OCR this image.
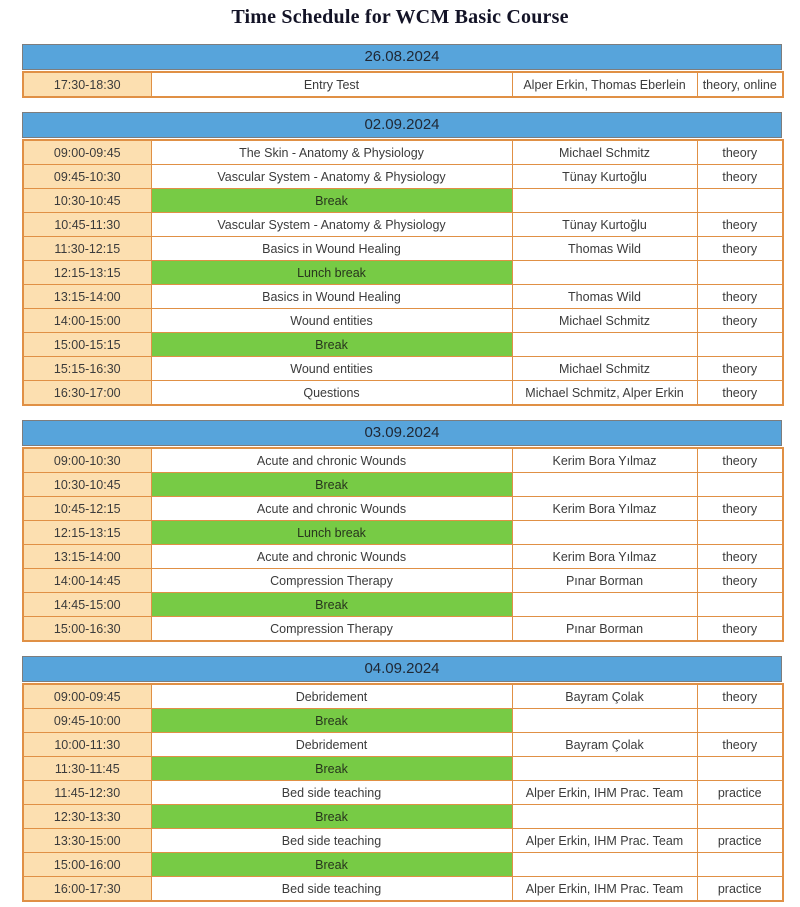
Time Schedule for WCM Basic Course
26.08.2024
17:30-18:30	Entry Test	Alper Erkin, Thomas Eberlein	theory, online
02.09.2024
09:00-09:45	The Skin - Anatomy & Physiology	Michael Schmitz	theory
09:45-10:30	Vascular System - Anatomy & Physiology	Tünay Kurtoğlu	theory
10:30-10:45	Break		
10:45-11:30	Vascular System - Anatomy & Physiology	Tünay Kurtoğlu	theory
11:30-12:15	Basics in Wound Healing	Thomas Wild	theory
12:15-13:15	Lunch break		
13:15-14:00	Basics in Wound Healing	Thomas Wild	theory
14:00-15:00	Wound entities	Michael Schmitz	theory
15:00-15:15	Break		
15:15-16:30	Wound entities	Michael Schmitz	theory
16:30-17:00	Questions	Michael Schmitz, Alper Erkin	theory
03.09.2024
09:00-10:30	Acute and chronic Wounds	Kerim Bora Yılmaz	theory
10:30-10:45	Break		
10:45-12:15	Acute and chronic Wounds	Kerim Bora Yılmaz	theory
12:15-13:15	Lunch break		
13:15-14:00	Acute and chronic Wounds	Kerim Bora Yılmaz	theory
14:00-14:45	Compression Therapy	Pınar Borman	theory
14:45-15:00	Break		
15:00-16:30	Compression Therapy	Pınar Borman	theory
04.09.2024
09:00-09:45	Debridement	Bayram Çolak	theory
09:45-10:00	Break		
10:00-11:30	Debridement	Bayram Çolak	theory
11:30-11:45	Break		
11:45-12:30	Bed side teaching	Alper Erkin, IHM Prac. Team	practice
12:30-13:30	Break		
13:30-15:00	Bed side teaching	Alper Erkin, IHM Prac. Team	practice
15:00-16:00	Break		
16:00-17:30	Bed side teaching	Alper Erkin, IHM Prac. Team	practice
